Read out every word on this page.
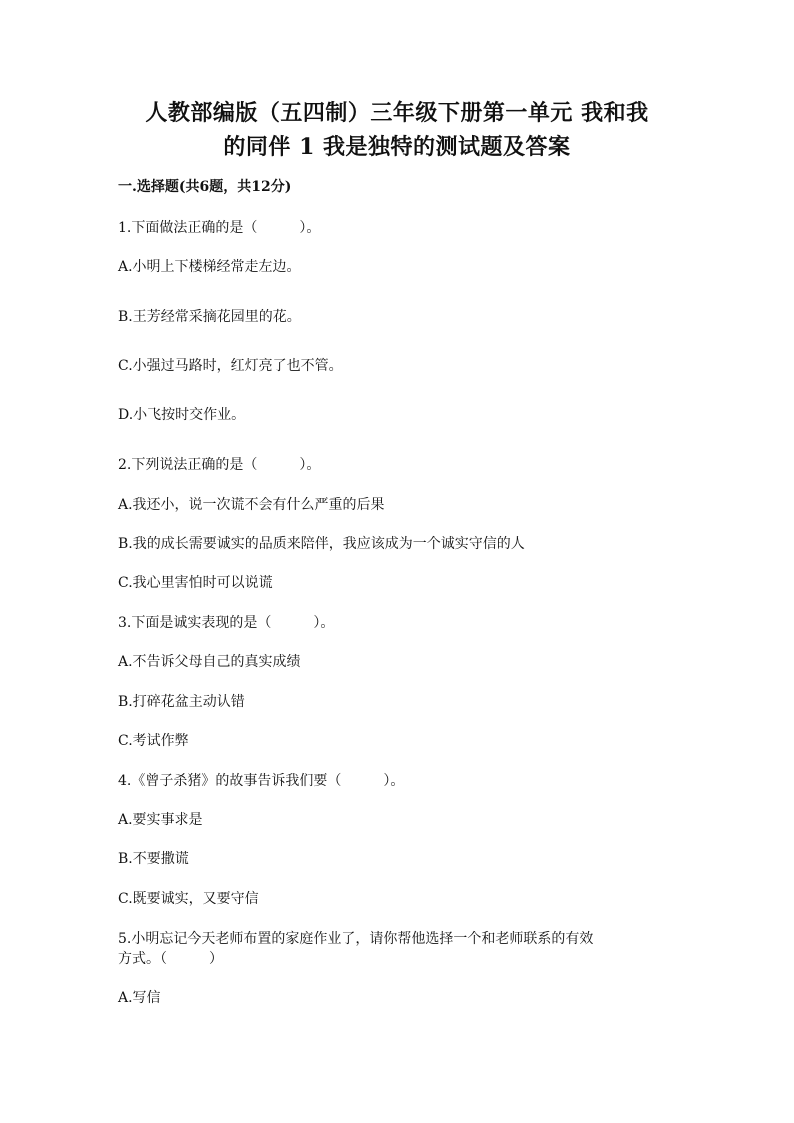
人教部编版（五四制）三年级下册第一单元 我和我
的同伴 1 我是独特的测试题及答案
一.选择题(共6题，共12分)
1.下面做法正确的是（　　　）。
A.小明上下楼梯经常走左边。
B.王芳经常采摘花园里的花。
C.小强过马路时，红灯亮了也不管。
D.小飞按时交作业。
2.下列说法正确的是（　　　）。
A.我还小，说一次谎不会有什么严重的后果
B.我的成长需要诚实的品质来陪伴，我应该成为一个诚实守信的人
C.我心里害怕时可以说谎
3.下面是诚实表现的是（　　　）。
A.不告诉父母自己的真实成绩
B.打碎花盆主动认错
C.考试作弊
4.《曾子杀猪》的故事告诉我们要（　　　）。
A.要实事求是
B.不要撒谎
C.既要诚实，又要守信
5.小明忘记今天老师布置的家庭作业了，请你帮他选择一个和老师联系的有效
方式。（　　　）
A.写信
